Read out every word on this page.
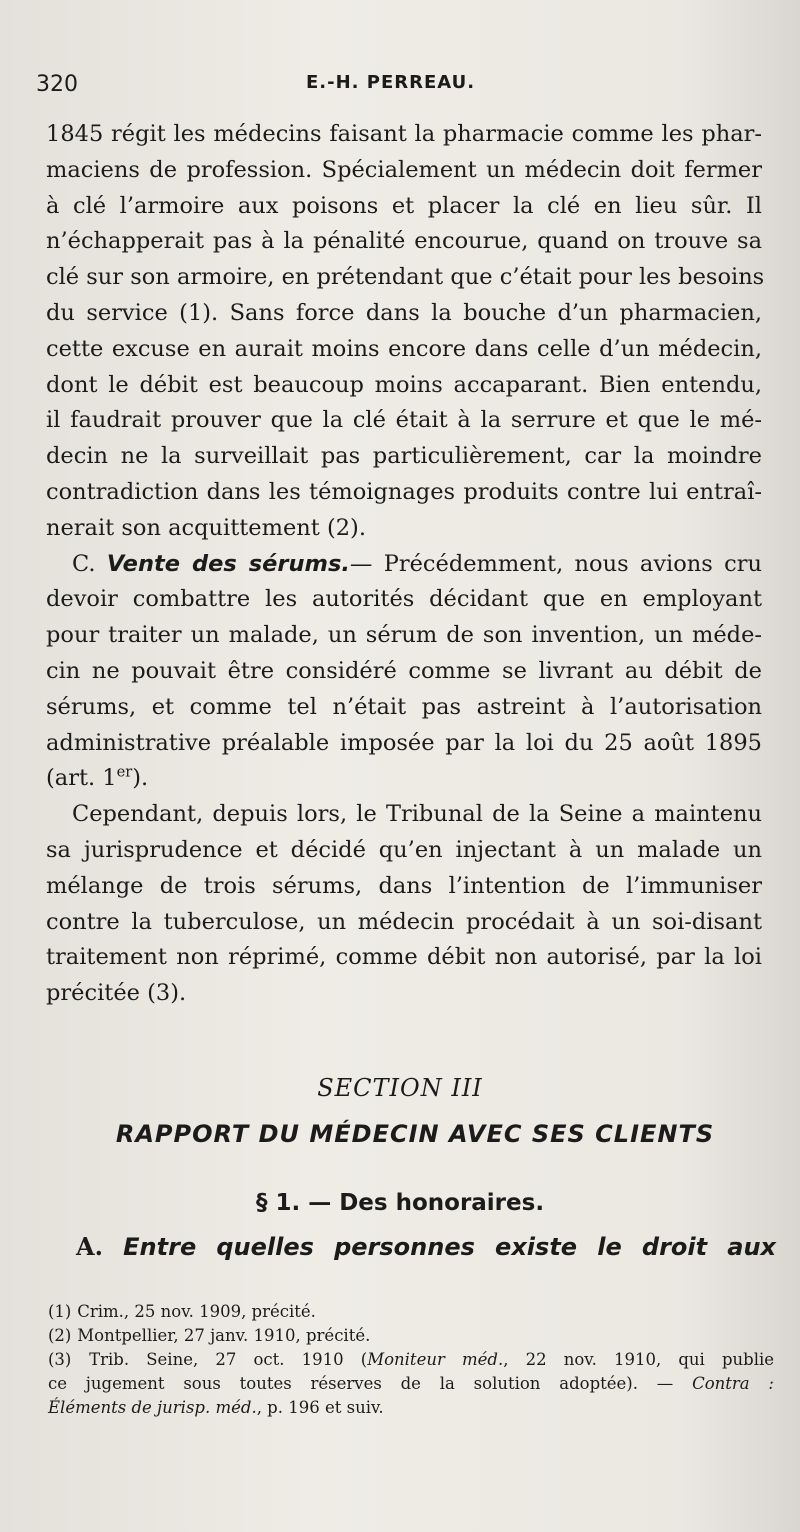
320	E.-H. PERREAU.

1845 régit les médecins faisant la pharmacie comme les phar-
maciens de profession. Spécialement un médecin doit fermer
à clé l’armoire aux poisons et placer la clé en lieu sûr. Il
n’échapperait pas à la pénalité encourue, quand on trouve sa
clé sur son armoire, en prétendant que c’était pour les besoins
du service (1). Sans force dans la bouche d’un pharmacien,
cette excuse en aurait moins encore dans celle d’un médecin,
dont le débit est beaucoup moins accaparant. Bien entendu,
il faudrait prouver que la clé était à la serrure et que le mé-
decin ne la surveillait pas particulièrement, car la moindre
contradiction dans les témoignages produits contre lui entraî-
nerait son acquittement (2).

C. Vente des sérums.— Précédemment, nous avions cru
devoir combattre les autorités décidant que en employant
pour traiter un malade, un sérum de son invention, un méde-
cin ne pouvait être considéré comme se livrant au débit de
sérums, et comme tel n’était pas astreint à l’autorisation
administrative préalable imposée par la loi du 25 août 1895
(art. 1er).

Cependant, depuis lors, le Tribunal de la Seine a maintenu
sa jurisprudence et décidé qu’en injectant à un malade un
mélange de trois sérums, dans l’intention de l’immuniser
contre la tuberculose, un médecin procédait à un soi-disant
traitement non réprimé, comme débit non autorisé, par la loi
précitée (3).

SECTION III
RAPPORT DU MÉDECIN AVEC SES CLIENTS
§ 1. — Des honoraires.
A. Entre quelles personnes existe le droit aux
(1) Crim., 25 nov. 1909, précité.
(2) Montpellier, 27 janv. 1910, précité.
(3) Trib. Seine, 27 oct. 1910 (Moniteur méd., 22 nov. 1910, qui publie
ce jugement sous toutes réserves de la solution adoptée). — Contra :
Éléments de jurisp. méd., p. 196 et suiv.
